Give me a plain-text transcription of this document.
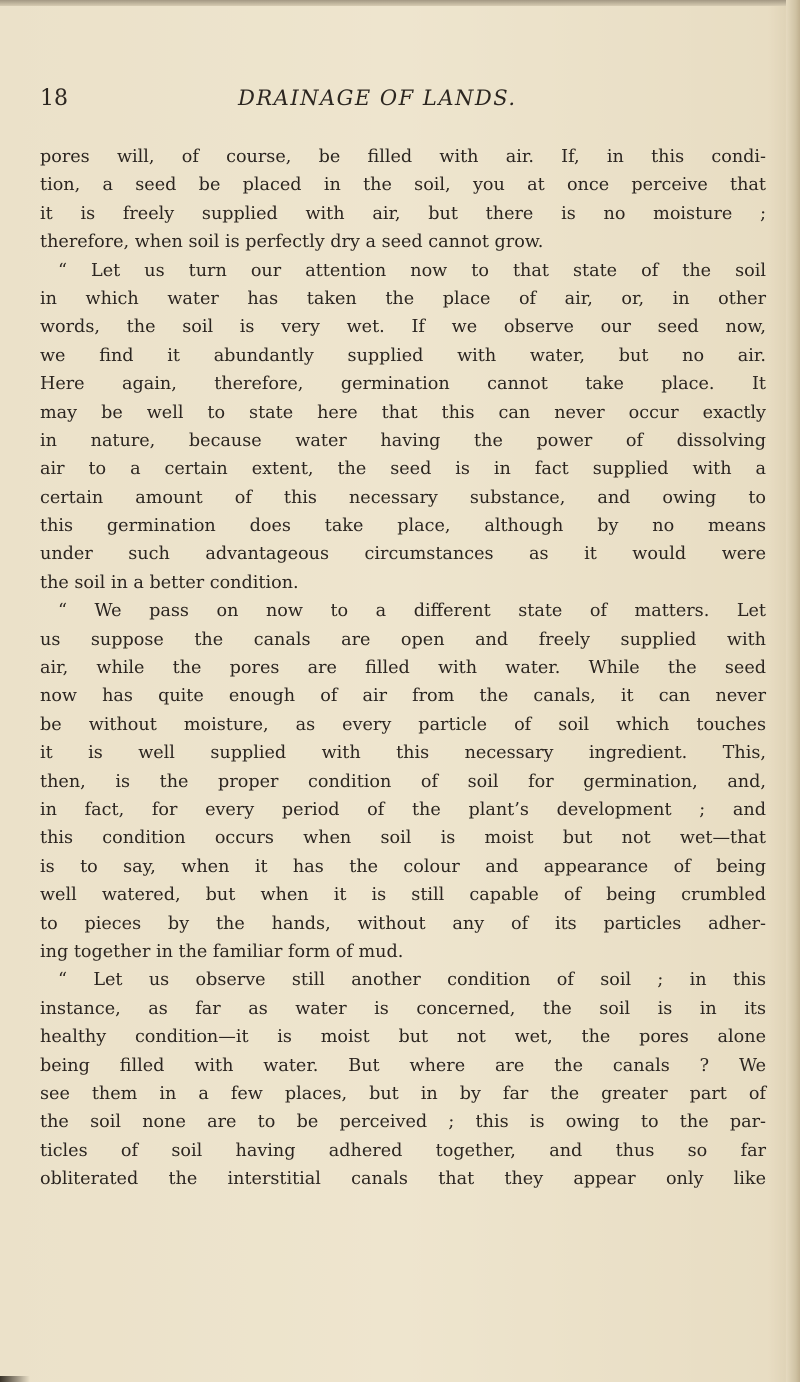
18	DRAINAGE OF LANDS.
pores will, of course, be filled with air. If, in this condi-
tion, a seed be placed in the soil, you at once perceive that
it is freely supplied with air, but there is no moisture ;
therefore, when soil is perfectly dry a seed cannot grow.
“ Let us turn our attention now to that state of the soil
in which water has taken the place of air, or, in other
words, the soil is very wet. If we observe our seed now,
we find it abundantly supplied with water, but no air.
Here again, therefore, germination cannot take place. It
may be well to state here that this can never occur exactly
in nature, because water having the power of dissolving
air to a certain extent, the seed is in fact supplied with a
certain amount of this necessary substance, and owing to
this germination does take place, although by no means
under such advantageous circumstances as it would were
the soil in a better condition.
“ We pass on now to a different state of matters. Let
us suppose the canals are open and freely supplied with
air, while the pores are filled with water. While the seed
now has quite enough of air from the canals, it can never
be without moisture, as every particle of soil which touches
it is well supplied with this necessary ingredient. This,
then, is the proper condition of soil for germination, and,
in fact, for every period of the plant’s development ; and
this condition occurs when soil is moist but not wet—that
is to say, when it has the colour and appearance of being
well watered, but when it is still capable of being crumbled
to pieces by the hands, without any of its particles adher-
ing together in the familiar form of mud.
“ Let us observe still another condition of soil ; in this
instance, as far as water is concerned, the soil is in its
healthy condition—it is moist but not wet, the pores alone
being filled with water. But where are the canals ? We
see them in a few places, but in by far the greater part of
the soil none are to be perceived ; this is owing to the par-
ticles of soil having adhered together, and thus so far
obliterated the interstitial canals that they appear only like
